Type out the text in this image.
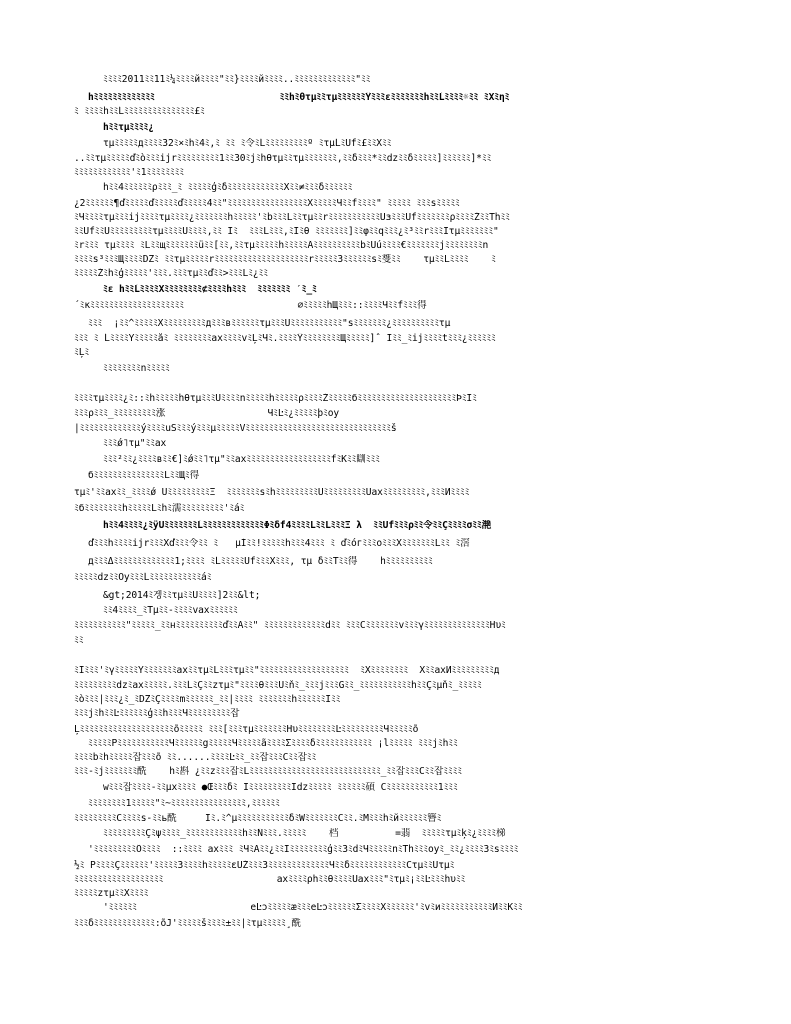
ﾐﾐﾐﾐ2011ﾐﾐ11ﾐ¼ﾐﾐﾐﾐйﾐﾐﾐﾐ"ﾐﾐ}ﾐﾐﾐﾐйﾐﾐﾐﾐ..ﾐﾐﾐﾐﾐﾐﾐﾐﾐﾐﾐﾐﾐ"ﾐﾐ
hﾐﾐﾐﾐﾐﾐﾐﾐﾐﾐﾐﾐﾐ                      ﾐﾐhﾐθτμﾐﾐτμﾐﾐﾐﾐﾐﾐŶﾐﾐﾐεﾐﾐﾐﾐﾐﾐﾐhﾐﾐĹﾐﾐﾐﾐ☼ﾐﾐ ﾐXﾐηﾐ
ﾐ ﾐﾐﾐﾐhﾐﾐĹﾐﾐﾐﾐﾐﾐﾐﾐﾐﾐﾐﾐﾐﾐﾐ£ﾐ
hﾐﾐτμﾐﾐﾐﾐ¿
τμﾐﾐﾐﾐﾐдﾐﾐﾐﾐ32ﾐ×ﾐhﾐ4ﾐ,ﾐ ﾐﾐ ﾐ令ﾐĹﾐﾐﾐﾐﾐﾐﾐﾐﾐº ﾐτμĹﾐÜfﾐ£ﾐﾐXﾐﾐ
..ﾐﾐτμﾐﾐﾐﾐﾐďﾐòﾐﾐﾐijrﾐﾐﾐﾐﾐﾐﾐﾐﾐ1ﾐﾐ30ﾐjﾐhθτμﾐﾐτμﾐﾐﾐﾐﾐﾐﾐ,ﾐﾐδﾐﾐﾐ*ﾐﾐdzﾐﾐδﾐﾐﾐﾐﾐ]ﾐﾐﾐﾐﾐﾐ]*ﾐﾐ
ﾐﾐﾐﾐﾐﾐﾐﾐﾐﾐﾐﾐ'ﾐ1ﾐﾐﾐﾐﾐﾐﾐﾐ
hﾐﾐ4ﾐﾐﾐﾐﾐﾐρﾐﾐﾐ_ﾐ ﾐﾐﾐﾐﾐģﾐδﾐﾐﾐﾐﾐﾐﾐﾐﾐﾐﾐﾐXﾐﾐ≠ﾐﾐﾐδﾐﾐﾐﾐﾐﾐ
¿2ﾐﾐﾐﾐﾐﾐ¶ďﾐﾐﾐﾐﾐďﾐﾐﾐﾐﾐďﾐﾐﾐﾐﾐ4ﾐﾐ"ﾐﾐﾐﾐﾐﾐﾐﾐﾐﾐﾐﾐﾐﾐﾐﾐﾐXﾐﾐﾐﾐﾐЧﾐﾐfﾐﾐﾐﾐ" ﾐﾐﾐﾐﾐ ﾐﾐﾐsﾐﾐﾐﾐﾐ
ﾐЧﾐﾐﾐﾐτμﾐﾐﾐijﾐﾐﾐﾐτμﾐﾐﾐﾐ¿ﾐﾐﾐﾐﾐﾐﾐhﾐﾐﾐﾐﾐ'ﾐbﾐﾐﾐLﾐﾐτμﾐﾐrﾐﾐﾐﾐﾐﾐﾐﾐﾐﾐﾐÜзﾐﾐﾐÜfﾐﾐﾐﾐﾐﾐﾐρﾐﾐﾐﾐŽﾐﾐThﾐﾐ
ﾐﾐÜfﾐﾐUﾐﾐﾐﾐﾐﾐﾐﾐﾐτμﾐﾐﾐﾐUﾐﾐﾐﾐ,ﾐﾐ Ιﾐ  ﾐﾐﾐLﾐﾐﾐ,ﾐЇﾐθ ﾐﾐﾐﾐﾐﾐﾐ]ﾐﾐφﾐﾐqﾐﾐﾐ¿ﾐ³ﾐﾐrﾐﾐﾐЇτμﾐﾐﾐﾐﾐﾐﾐ"
ﾐrﾐﾐﾐ τμﾐﾐﾐﾐ ﾐLﾐﾐщﾐﾐﾐﾐﾐﾐﾐüﾐﾐ[ﾐﾐ,ﾐﾐτμﾐﾐﾐﾐﾐhﾐﾐﾐﾐﾐÃﾐﾐﾐﾐﾐﾐﾐﾐﾐﾐbﾐÜúﾐﾐﾐﾐ€ﾐﾐﾐﾐﾐﾐﾐjﾐﾐﾐﾐﾐﾐﾐﾐn
ﾐﾐﾐﾐs³ﾐﾐﾐЩﾐﾐﾐﾐDŻﾐ ﾐﾐτμﾐﾐﾐﾐﾐrﾐﾐﾐﾐﾐﾐﾐﾐﾐﾐﾐﾐﾐﾐﾐﾐﾐﾐﾐﾐrﾐﾐﾐﾐﾐЗﾐﾐﾐﾐﾐﾐsﾐ﨎ﾐﾐ    τμﾐﾐLﾐﾐﾐﾐ    ﾐ
ﾐﾐﾐﾐﾐŽﾐhﾐģﾐﾐﾐﾐﾐ'ﾐﾐﾐ.ﾐﾐﾐτμﾐﾐďﾐﾐ>ﾐﾐﾐLﾐ¿ﾐﾐ
ﾐε hﾐﾐĹﾐﾐﾐﾐXﾐﾐﾐﾐﾐﾐﾐﾐ⊄ﾐﾐﾐﾐhﾐﾐﾐ  ﾐﾐﾐﾐﾐﾐﾐ ˊﾐ_ﾐ
´ﾐκﾐﾐﾐﾐﾐﾐﾐﾐﾐﾐﾐﾐﾐﾐﾐﾐﾐﾐﾐﾐ                    ∅ﾐﾐﾐﾐﾐhЩﾐﾐﾐ::ﾐﾐﾐﾐЧﾐﾐfﾐﾐﾐ得
ﾐﾐﾐ  ¡ﾐﾐ^ﾐﾐﾐﾐﾐXﾐﾐﾐﾐﾐﾐﾐﾐﾐдﾐﾐﾐвﾐﾐﾐﾐﾐﾐτμﾐﾐﾐUﾐﾐﾐﾐﾐﾐﾐﾐﾐﾐﾐ"sﾐﾐﾐﾐﾐﾐﾐ¿ﾐﾐﾐﾐﾐﾐﾐﾐﾐﾐτμ
ﾐﾐﾐ ﾐ ĹﾐﾐﾐﾐYﾐﾐﾐﾐﾐåﾐ ﾐﾐﾐﾐﾐﾐﾐﾐaxﾐﾐﾐﾐvﾐĻﾐЧﾐ.ﾐﾐﾐﾐŶﾐﾐﾐﾐﾐﾐﾐﾐЩﾐﾐﾐﾐﾐ]ˆ Їﾐﾐ_ﾐijﾐﾐﾐﾐtﾐﾐﾐ¿ﾐﾐﾐﾐﾐﾐ
ﾐĻﾐ
ﾐﾐﾐﾐﾐﾐﾐﾐnﾐﾐﾐﾐﾐ
ﾐﾐﾐﾐτμﾐﾐﾐﾐ¿ﾐ::ﾐhﾐﾐﾐﾐﾐhθτμﾐﾐﾐUﾐﾐﾐﾐnﾐﾐﾐﾐﾐhﾐﾐﾐﾐﾐρﾐﾐﾐﾐŹﾐﾐﾐﾐﾐбﾐﾐﾐﾐﾐﾐﾐﾐﾐﾐﾐﾐﾐﾐﾐﾐﾐﾐﾐﾐﾐÞﾐЇﾐ
ﾐﾐﾐρﾐﾐﾐ_ﾐﾐﾐﾐﾐﾐﾐﾐﾐ涨                  ЧﾐĿﾐ¿ﾐﾐﾐﾐﾐþﾐoy
|ﾐﾐﾐﾐﾐﾐﾐﾐﾐﾐﾐﾐﾐýﾐﾐﾐﾐuSﾐﾐﾐýﾐﾐﾐµﾐﾐﾐﾐﾐVﾐﾐﾐﾐﾐﾐﾐﾐﾐﾐﾐﾐﾐﾐﾐﾐﾐﾐﾐﾐﾐﾐﾐﾐﾐﾐﾐﾐﾐﾐﾐš
ﾐﾐﾐǿ˥τμ"ﾐﾐaх
ﾐﾐﾐ²ﾐﾐ¿ﾐﾐﾐﾐвﾐﾐ€]ﾐǿﾐﾐ˥τμ"ﾐﾐaхﾐﾐﾐﾐﾐﾐﾐﾐﾐﾐﾐﾐﾐﾐﾐﾐﾐﾐfﾐKﾐﾐ瞓ﾐﾐﾐ
бﾐﾐﾐﾐﾐﾐﾐﾐﾐﾐﾐﾐﾐﾐﾐLﾐﾐЩﾐ得
τμﾐ'ﾐﾐaхﾐﾐ_ﾐﾐﾐﾐǿ UﾐﾐﾐﾐﾐﾐﾐﾐﾐΞ  ﾐﾐﾐﾐﾐﾐﾐsﾐhﾐﾐﾐﾐﾐﾐﾐﾐﾐUﾐﾐﾐﾐﾐﾐﾐﾐﾐUaхﾐﾐﾐﾐﾐﾐﾐﾐﾐ,ﾐﾐﾐИﾐﾐﾐﾐ
ﾐбﾐﾐﾐﾐﾐﾐﾐﾐhﾐﾐﾐﾐﾐLﾐhﾐ濡ﾐﾐﾐﾐﾐﾐﾐﾐﾐ'ﾐáﾐ
hﾐﾐ4ﾐﾐﾐﾐ¿ﾐÿUﾐﾐﾐﾐﾐﾐﾐĹﾐﾐﾐﾐﾐﾐﾐﾐﾐﾐﾐﾐﾐΦﾐδf4ﾐﾐﾐﾐLﾐﾐLﾐﾐﾐΞ λ  ﾐﾐÜfﾐﾐﾐρﾐﾐ令ﾐﾐÇﾐﾐﾐﾐσﾐﾐ滟
ďﾐﾐﾐhﾐﾐﾐﾐijrﾐﾐﾐXďﾐﾐﾐ令ﾐﾐ ﾐ   µÍﾐﾐ!ﾐﾐﾐﾐﾐhﾐﾐﾐ4ﾐﾐﾐ ﾐ ďﾐóгﾐﾐﾐoﾐﾐﾐXﾐﾐﾐﾐﾐﾐﾐLﾐﾐ ﾐ滘
дﾐﾐﾐΔﾐﾐﾐﾐﾐﾐﾐﾐﾐﾐﾐﾐﾐ1;ﾐﾐﾐﾐ ﾐĹﾐﾐﾐﾐﾐÜfﾐﾐﾐXﾐﾐﾐ, τμ δﾐﾐTﾐﾐ得    hﾐﾐﾐﾐﾐﾐﾐﾐﾐﾐ
ﾐﾐﾐﾐﾐdzﾐﾐOyﾐﾐﾐĹﾐﾐﾐﾐﾐﾐﾐﾐﾐﾐﾐáﾐ
&gt;2014ﾐ겡ﾐﾐτμﾐﾐUﾐﾐﾐﾐ]2ﾐﾐ&lt;
ﾐﾐ4ﾐﾐﾐﾐ_ﾐTµﾐﾐ-ﾐﾐﾐﾐvaхﾐﾐﾐﾐﾐﾐ
ﾐﾐﾐﾐﾐﾐﾐﾐﾐﾐﾐ"ﾐﾐﾐﾐﾐ_ﾐﾐнﾐﾐﾐﾐﾐﾐﾐﾐﾐﾐďﾐﾐAﾐﾐ" ﾐﾐﾐﾐﾐﾐﾐﾐﾐﾐﾐﾐﾐdﾐﾐ ﾐﾐﾐCﾐﾐﾐﾐﾐﾐﾐvﾐﾐﾐγﾐﾐﾐﾐﾐﾐﾐﾐﾐﾐﾐﾐﾐﾐHυﾐ
ﾐﾐ
ﾐЇﾐﾐﾐ'ﾐγﾐﾐﾐﾐﾐYﾐﾐﾐﾐﾐﾐﾐaхﾐﾐτμﾐLﾐﾐﾐτμﾐﾐ"ﾐﾐﾐﾐﾐﾐﾐﾐﾐﾐﾐﾐﾐﾐﾐﾐﾐﾐﾐ  ﾐXﾐﾐﾐﾐﾐﾐﾐﾐ  XﾐﾐaхИﾐﾐﾐﾐﾐﾐﾐﾐﾐд
ﾐﾐﾐﾐﾐﾐﾐﾐﾐdzﾐaхﾐﾐﾐﾐﾐ.ﾐﾐﾐĹﾐÇﾐﾐzτμﾐ"ﾐﾐﾐﾐθﾐﾐﾐUﾐňﾐ_ﾐﾐﾐjﾐﾐﾐGﾐﾐ_ﾐﾐﾐﾐﾐﾐﾐﾐﾐﾐﾐhﾐﾐÇﾐµňﾐ_ﾐﾐﾐﾐﾐ
ﾐòﾐﾐﾐ|ﾐﾐﾐ¿ﾐ_ﾐDŻﾐÇﾐﾐﾐﾐmﾐﾐﾐﾐﾐﾐ_ﾐﾐ|ﾐﾐﾐﾐ ﾐﾐﾐﾐﾐﾐﾐhﾐﾐﾐﾐﾐﾐЇﾐﾐ
ﾐﾐﾐjﾐhﾐﾐĿﾐﾐﾐﾐﾐﾐģﾐﾐhﾐﾐﾐЧﾐﾐﾐﾐﾐﾐﾐﾐﾐ잡
Ļﾐﾐﾐﾐﾐﾐﾐﾐﾐﾐﾐﾐﾐﾐﾐﾐﾐﾐﾐﾐõﾐﾐﾐﾐﾐ ﾐﾐﾐ[ﾐﾐﾐτμﾐﾐﾐﾐﾐﾐﾐHυﾐﾐﾐﾐﾐﾐﾐﾐĿﾐﾐﾐﾐﾐﾐﾐﾐﾐЧﾐﾐﾐﾐﾐõ
ﾐﾐﾐﾐﾐPﾐﾐﾐﾐﾐﾐﾐﾐﾐﾐﾐЧﾐﾐﾐﾐﾐﾐgﾐﾐﾐﾐﾐЧﾐﾐﾐﾐﾐãﾐﾐﾐﾐΣﾐﾐﾐﾐδﾐﾐﾐﾐﾐﾐﾐﾐﾐﾐﾐﾐ ¡ĺﾐﾐﾐﾐﾐ ﾐﾐﾐjﾐhﾐﾐ
ﾐﾐﾐﾐbﾐhﾐﾐﾐﾐﾐ잡ﾐﾐﾐõ ﾐﾐ......ﾐﾐﾐﾐĿﾐﾐ_ﾐﾐ잡ﾐﾐﾐCﾐﾐ잡ﾐﾐ
ﾐﾐﾐ-ﾐjﾐﾐﾐﾐﾐﾐﾐ酰    hﾐ斟 ¿ﾐﾐzﾐﾐﾐ잡ﾐLﾐﾐﾐﾐﾐﾐﾐﾐﾐﾐﾐﾐﾐﾐﾐﾐﾐﾐﾐﾐﾐﾐﾐﾐﾐﾐﾐﾐ_ﾐﾐ잡ﾐﾐﾐCﾐﾐ잡ﾐﾐﾐﾐ
wﾐﾐﾐ잡ﾐﾐﾐﾐ-ﾐﾐµxﾐﾐﾐﾐ ●Œﾐﾐﾐδﾐ ЇﾐﾐﾐﾐﾐﾐﾐﾐﾐЇdzﾐﾐﾐﾐﾐ ﾐﾐﾐﾐﾐﾐ碩 Cﾐﾐﾐﾐﾐﾐﾐﾐﾐﾐﾐ1ﾐﾐﾐ
ﾐﾐﾐﾐﾐﾐﾐﾐ1ﾐﾐﾐﾐﾐ"ﾐ~ﾐﾐﾐﾐﾐﾐﾐﾐﾐﾐﾐﾐﾐﾐﾐﾐ,ﾐﾐﾐﾐﾐﾐ
ﾐﾐﾐﾐﾐﾐﾐﾐﾐCﾐﾐﾐﾐs-ﾐﾐь酰     Їﾐ.ﾐ^µﾐﾐﾐﾐﾐﾐﾐﾐﾐﾐﾐδﾐWﾐﾐﾐﾐﾐﾐﾐCﾐﾐ.ﾐMﾐﾐﾐhﾐйﾐﾐﾐﾐﾐﾐ簪ﾐ
ﾐﾐﾐﾐﾐﾐﾐﾐﾐÇﾐψﾐﾐﾐﾐ_ﾐﾐﾐﾐﾐﾐﾐﾐﾐﾐﾐﾐhﾐﾐÑﾐﾐﾐ.ﾐﾐﾐﾐﾐ    档          =翡  ﾐﾐﾐﾐﾐτμﾐķﾐ¿ﾐﾐﾐﾐ梯
'ﾐﾐﾐﾐﾐﾐﾐﾐﾐÕﾐﾐﾐﾐ  ::ﾐﾐﾐﾐ aхﾐﾐﾐ ﾐЧﾐAﾐﾐ¿ﾐﾐЇﾐﾐﾐﾐﾐﾐﾐﾐģﾐﾐЗﾐdﾐЧﾐﾐﾐﾐﾐnﾐThﾐﾐﾐoyﾐ_ﾐﾐ¿ﾐﾐﾐﾐЗﾐsﾐﾐﾐﾐ
½ﾐ PﾐﾐﾐﾐÇﾐﾐﾐﾐﾐﾐ'ﾐﾐﾐﾐﾐЗﾐﾐﾐﾐhﾐﾐﾐﾐﾐεUŽﾐﾐﾐЗﾐﾐﾐﾐﾐﾐﾐﾐﾐﾐﾐﾐﾐЧﾐﾐδﾐﾐﾐﾐﾐﾐﾐﾐﾐﾐﾐﾐCτμﾐﾐUτμﾐ
ﾐﾐﾐﾐﾐﾐﾐﾐﾐﾐﾐﾐﾐﾐﾐﾐﾐﾐﾐ                    aхﾐﾐﾐﾐρhﾐﾐθﾐﾐﾐﾐUaхﾐﾐﾐ"ﾐτμﾐ¡ﾐﾐĿﾐﾐﾐhυﾐﾐ
ﾐﾐﾐﾐﾐzτμﾐﾐXﾐﾐﾐﾐ
'ﾐﾐﾐﾐﾐﾐ                    eĿɔﾐﾐﾐﾐﾐæﾐﾐﾐeĿɔﾐﾐﾐﾐﾐﾐΣﾐﾐﾐﾐXﾐﾐﾐﾐﾐﾐ'ﾐvﾐиﾐﾐﾐﾐﾐﾐﾐﾐﾐﾐﾐИﾐﾐKﾐﾐ
ﾐﾐﾐδﾐﾐﾐﾐﾐﾐﾐﾐﾐﾐﾐﾐﾐ:õJ'ﾐﾐﾐﾐﾐšﾐﾐﾐﾐ±ﾐﾐ|ﾐτμﾐﾐﾐﾐﾐ¸酰
